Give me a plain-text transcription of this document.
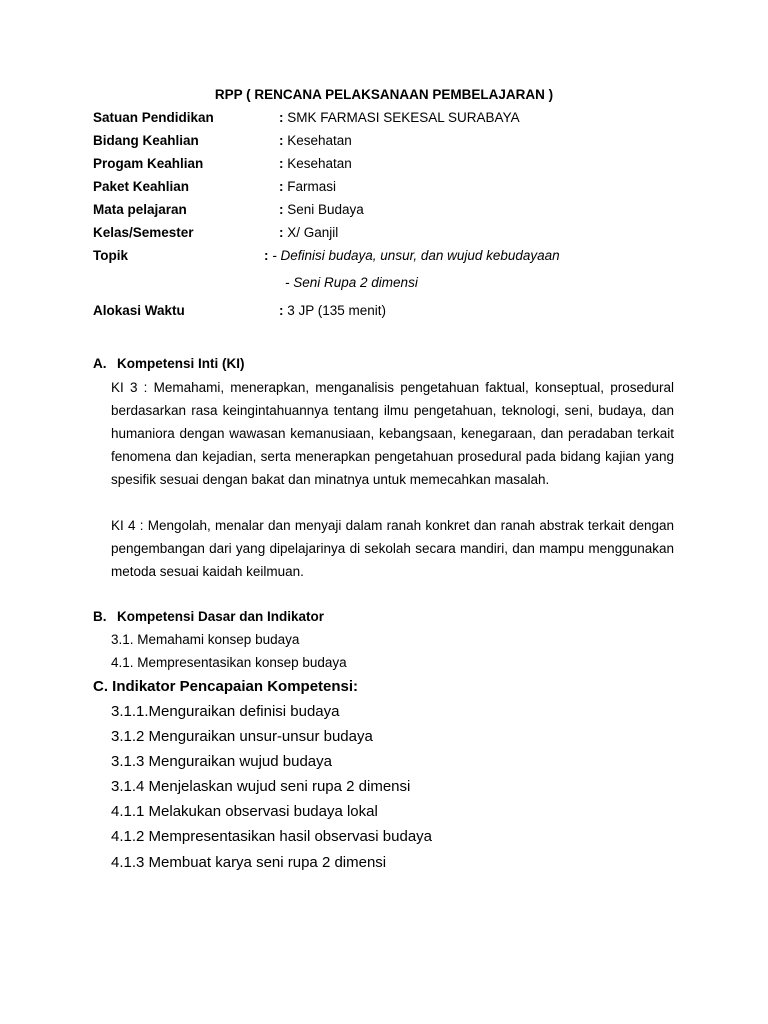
RPP ( RENCANA PELAKSANAAN PEMBELAJARAN )
Satuan Pendidikan	: SMK FARMASI SEKESAL SURABAYA
Bidang Keahlian	: Kesehatan
Progam Keahlian	: Kesehatan
Paket Keahlian	: Farmasi
Mata pelajaran	: Seni Budaya
Kelas/Semester	: X/ Ganjil
Topik	: - Definisi budaya, unsur, dan wujud kebudayaan
- Seni Rupa 2 dimensi
Alokasi Waktu	: 3 JP (135 menit)
A. Kompetensi Inti (KI)
KI 3 : Memahami, menerapkan, menganalisis pengetahuan faktual, konseptual, prosedural berdasarkan rasa keingintahuannya tentang ilmu pengetahuan, teknologi, seni, budaya, dan humaniora dengan wawasan kemanusiaan, kebangsaan, kenegaraan, dan peradaban terkait fenomena dan kejadian, serta menerapkan pengetahuan prosedural pada bidang kajian yang spesifik sesuai dengan bakat dan minatnya untuk memecahkan masalah.
KI 4 : Mengolah, menalar dan menyaji dalam ranah konkret dan ranah abstrak terkait dengan pengembangan dari yang dipelajarinya di sekolah secara mandiri, dan mampu menggunakan metoda sesuai kaidah keilmuan.
B. Kompetensi Dasar dan Indikator
3.1. Memahami konsep budaya
4.1. Mempresentasikan konsep budaya
C. Indikator Pencapaian Kompetensi:
3.1.1.Menguraikan definisi budaya
3.1.2 Menguraikan unsur-unsur budaya
3.1.3 Menguraikan wujud budaya
3.1.4 Menjelaskan wujud seni rupa 2 dimensi
4.1.1 Melakukan observasi budaya lokal
4.1.2 Mempresentasikan hasil observasi budaya
4.1.3 Membuat karya seni rupa 2 dimensi
